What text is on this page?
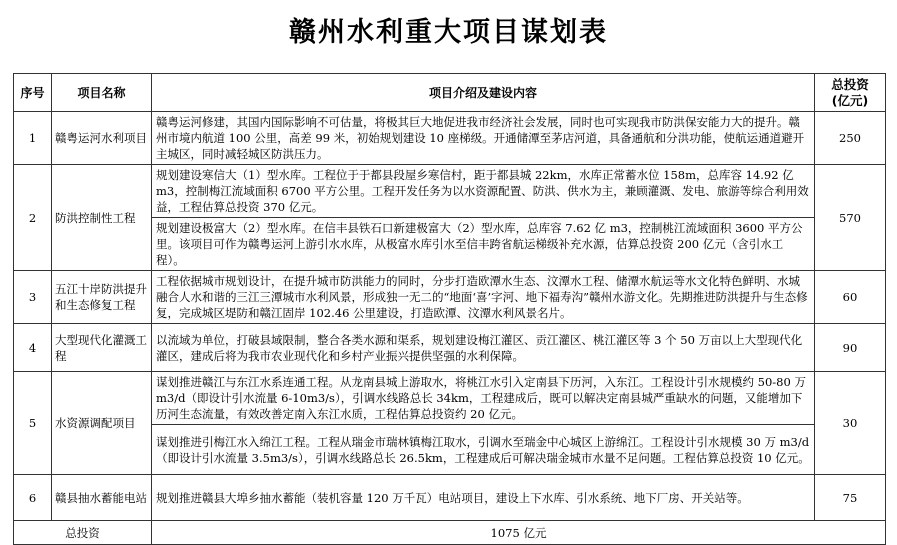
赣州水利重大项目谋划表
序号	项目名称	项目介绍及建设内容	总投资
(亿元)

1	赣粤运河水利项目	赣粤运河修建，其国内国际影响不可估量，将极其巨大地促进我市经济社会发展，同时也可实现我市防洪保安能力大的提升。赣州市境内航道 100 公里，高差 99 米，初始规划建设 10 座梯级。开通储潭至茅店河道，具备通航和分洪功能，使航运通道避开主城区，同时减轻城区防洪压力。	250
2	防洪控制性工程	规划建设寒信大（1）型水库。工程位于于都县段屋乡寒信村，距于都县城 22km，水库正常蓄水位 158m，总库容 14.92 亿 m3，控制梅江流域面积 6700 平方公里。工程开发任务为以水资源配置、防洪、供水为主，兼顾灌溉、发电、旅游等综合利用效益，工程估算总投资 370 亿元。	570
		规划建设极富大（2）型水库。在信丰县铁石口新建极富大（2）型水库，总库容 7.62 亿 m3，控制桃江流域面积 3600 平方公里。该项目可作为赣粤运河上游引水水库，从极富水库引水至信丰跨省航运梯级补充水源，估算总投资 200 亿元（含引水工程）。	
3	五江十岸防洪提升和生态修复工程	工程依据城市规划设计，在提升城市防洪能力的同时，分步打造欧潭水生态、汶潭水工程、储潭水航运等水文化特色鲜明、水城融合人水和谐的三江三潭城市水利风景，形成独一无二的“地面‘喜’字河、地下福寿沟”赣州水游文化。先期推进防洪提升与生态修复，完成城区堤防和赣江固岸 102.46 公里建设，打造欧潭、汶潭水利风景名片。	60
4	大型现代化灌溉工程	以流域为单位，打破县域限制，整合各类水源和渠系，规划建设梅江灌区、贡江灌区、桃江灌区等 3 个 50 万亩以上大型现代化灌区，建成后将为我市农业现代化和乡村产业振兴提供坚强的水利保障。	90
5	水资源调配项目	谋划推进赣江与东江水系连通工程。从龙南县城上游取水，将桃江水引入定南县下历河，入东江。工程设计引水规模约 50-80 万 m3/d（即设计引水流量 6-10m3/s），引调水线路总长 34km，工程建成后，既可以解决定南县城严重缺水的问题，又能增加下历河生态流量，有效改善定南入东江水质，工程估算总投资约 20 亿元。	30
		谋划推进引梅江水入绵江工程。工程从瑞金市瑞林镇梅江取水，引调水至瑞金中心城区上游绵江。工程设计引水规模 30 万 m3/d（即设计引水流量 3.5m3/s），引调水线路总长 26.5km，工程建成后可解决瑞金城市水量不足问题。工程估算总投资 10 亿元。	
6	赣县抽水蓄能电站	规划推进赣县大埠乡抽水蓄能（装机容量 120 万千瓦）电站项目，建设上下水库、引水系统、地下厂房、开关站等。	75
总投资		1075 亿元	
